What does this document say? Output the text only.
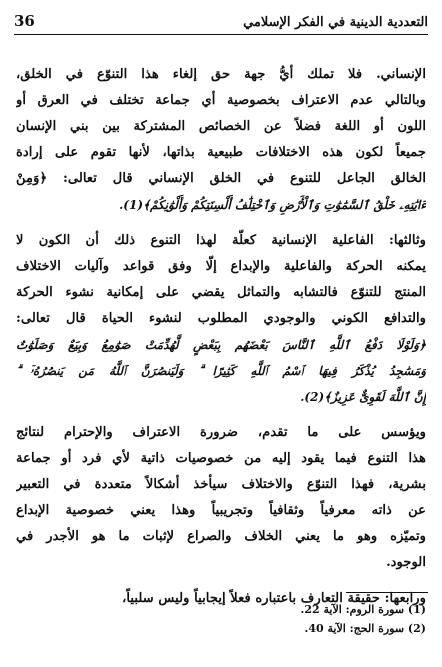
36	التعددية الدينية في الفكر الإسلامي
الإنساني. فلا تملك أيُّ جهة حق إلغاء هذا التنوّع في الخلق،
وبالتالي عدم الاعتراف بخصوصية أي جماعة تختلف في العرق أو
اللون أو اللغة فضلاً عن الخصائص المشتركة بين بني الإنسان
جميعاً لكون هذه الاختلافات طبيعية بذاتها، لأنها تقوم على إرادة
الخالق الجاعل للتنوع في الخلق الإنساني قال تعالى: ﴿وَمِنْ
ءَايَٰتِهِۦ خَلْقُ ٱلسَّمَٰوَٰتِ وَٱلْأَرْضِ وَٱخْتِلَٰفُ أَلْسِنَتِكُمْ وَأَلْوَٰنِكُمْ﴾(1).
وثالثها: الفاعلية الإنسانية كعلّة لهذا التنوع ذلك أن الكون لا
يمكنه الحركة والفاعلية والإبداع إلّا وفق قواعد وآليات الاختلاف
المنتج للتنوّع فالتشابه والتماثل يقضي على إمكانية نشوء الحركة
والتدافع الكوني والوجودي المطلوب لنشوء الحياة قال تعالى:
﴿وَلَوْلَا دَفْعُ ٱللَّهِ ٱلنَّاسَ بَعْضَهُم بِبَعْضٍ لَّهُدِّمَتْ صَوَٰمِعُ وَبِيَعٌ وَصَلَوَٰتٌ
وَمَسَٰجِدُ يُذْكَرُ فِيهَا ٱسْمُ ٱللَّهِ كَثِيرًا ۗ وَلَيَنصُرَنَّ ٱللَّهُ مَن يَنصُرُهُۥٓ ۗ
إِنَّ ٱللَّهَ لَقَوِىٌّ عَزِيزٌ﴾(2).
ويؤسس على ما تقدم، ضرورة الاعتراف والإحترام لنتائج
هذا التنوع فيما يقود إليه من خصوصيات ذاتية لأي فرد أو جماعة
بشرية، فهذا التنوّع والاختلاف سيأخذ أشكالاً متعددة في التعبير
عن ذاته معرفياً وثقافياً وتجريبياً وهذا يعني خصوصية الإبداع
وتميّزه وهو ما يعني الخلاف والصراع لإثبات ما هو الأجدر في
الوجود.
ورابعها: حقيقة التعارف باعتباره فعلاً إيجابياً وليس سلبياً،
(1) سورة الروم: الآية 22.
(2) سورة الحج: الآية 40.
